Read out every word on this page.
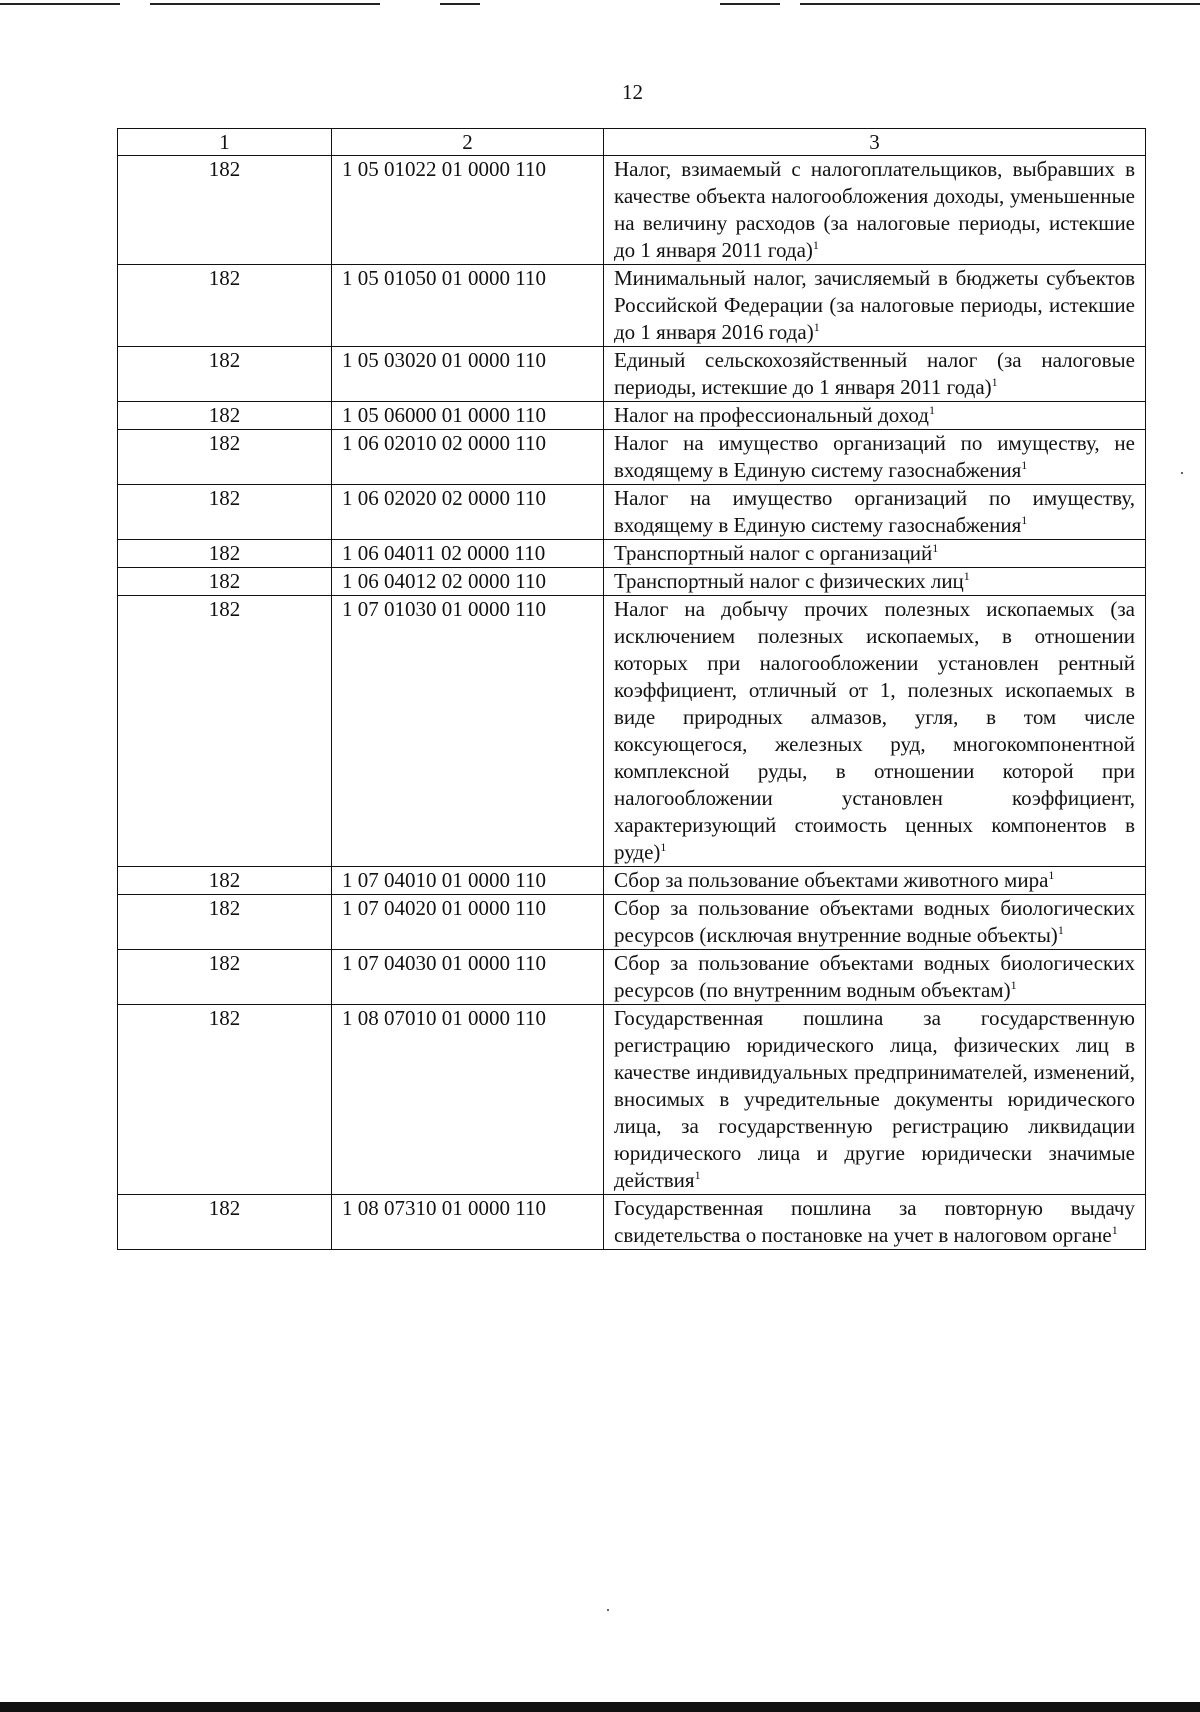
12
1	2	3
182	1 05 01022 01 0000 110	Налог, взимаемый с налогоплательщиков, выбравших в качестве объекта налогообложения доходы, уменьшенные на величину расходов (за налоговые периоды, истекшие до 1 января 2011 года)$^1$
182	1 05 01050 01 0000 110	Минимальный налог, зачисляемый в бюджеты субъектов Российской Федерации (за налоговые периоды, истекшие до 1 января 2016 года)$^1$
182	1 05 03020 01 0000 110	Единый сельскохозяйственный налог (за налоговые периоды, истекшие до 1 января 2011 года)$^1$
182	1 05 06000 01 0000 110	Налог на профессиональный доход$^1$
182	1 06 02010 02 0000 110	Налог на имущество организаций по имуществу, не входящему в Единую систему газоснабжения$^1$
182	1 06 02020 02 0000 110	Налог на имущество организаций по имуществу, входящему в Единую систему газоснабжения$^1$
182	1 06 04011 02 0000 110	Транспортный налог с организаций$^1$
182	1 06 04012 02 0000 110	Транспортный налог с физических лиц$^1$
182	1 07 01030 01 0000 110	Налог на добычу прочих полезных ископаемых (за исключением полезных ископаемых, в отношении которых при налогообложении установлен рентный коэффициент, отличный от 1, полезных ископаемых в виде природных алмазов, угля, в том числе коксующегося, железных руд, многокомпонентной комплексной руды, в отношении которой при налогообложении установлен коэффициент, характеризующий стоимость ценных компонентов в руде)$^1$
182	1 07 04010 01 0000 110	Сбор за пользование объектами животного мира$^1$
182	1 07 04020 01 0000 110	Сбор за пользование объектами водных биологических ресурсов (исключая внутренние водные объекты)$^1$
182	1 07 04030 01 0000 110	Сбор за пользование объектами водных биологических ресурсов (по внутренним водным объектам)$^1$
182	1 08 07010 01 0000 110	Государственная пошлина за государственную регистрацию юридического лица, физических лиц в качестве индивидуальных предпринимателей, изменений, вносимых в учредительные документы юридического лица, за государственную регистрацию ликвидации юридического лица и другие юридически значимые действия$^1$
182	1 08 07310 01 0000 110	Государственная пошлина за повторную выдачу свидетельства о постановке на учет в налоговом органе$^1$
